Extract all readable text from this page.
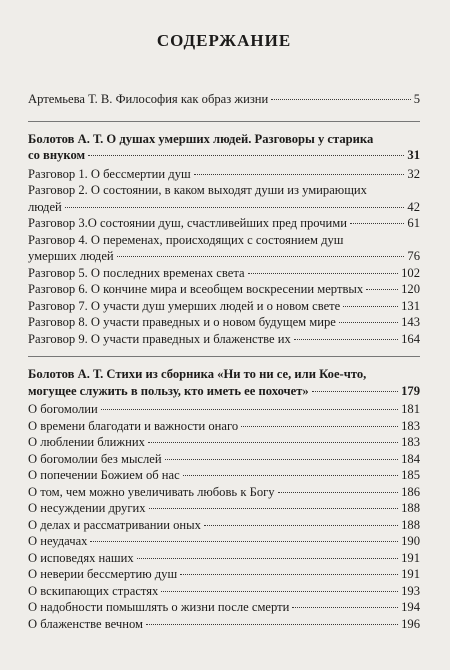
СОДЕРЖАНИЕ
Артемьева Т. В. Философия как образ жизни	5
Болотов А. Т. О душах умерших людей. Разговоры у старика
со внуком	31
Разговор 1. О бессмертии душ	32
Разговор 2. О состоянии, в каком выходят души из умирающих
людей	42
Разговор 3.О состоянии душ, счастливейших пред прочими	61
Разговор 4. О переменах, происходящих с состоянием душ
умерших людей	76
Разговор 5. О последних временах света	102
Разговор 6. О кончине мира и всеобщем воскресении мертвых	120
Разговор 7. О участи душ умерших людей и о новом свете	131
Разговор 8. О участи праведных и о новом будущем мире	143
Разговор 9. О участи праведных и блаженстве их	164
Болотов А. Т. Стихи из сборника «Ни то ни се, или Кое-что,
могущее служить в пользу, кто иметь ее похочет»	179
О богомолии	181
О времени благодати и важности онаго	183
О люблении ближних	183
О богомолии без мыслей	184
О попечении Божием об нас	185
О том, чем можно увеличивать любовь к Богу	186
О несуждении других	188
О делах и рассматривании оных	188
О неудачах	190
О исповедях наших	191
О неверии бессмертию душ	191
О вскипающих страстях	193
О надобности помышлять о жизни после смерти	194
О блаженстве вечном	196
